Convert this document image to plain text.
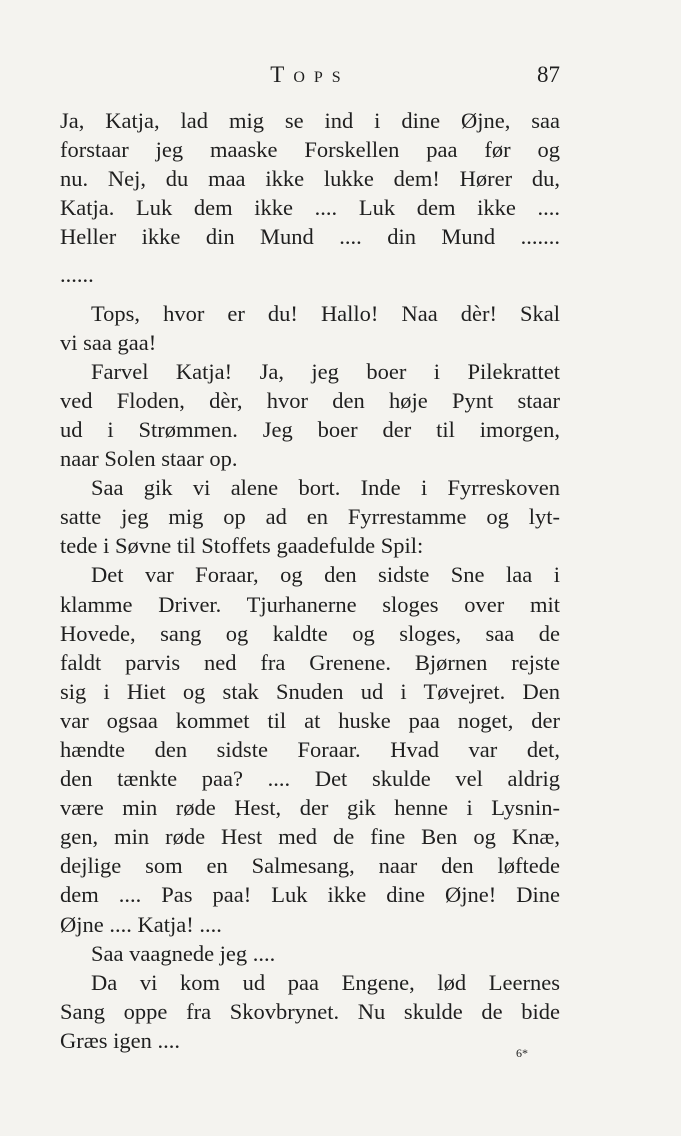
Tops	87
Ja, Katja, lad mig se ind i dine Øjne, saa
forstaar jeg maaske Forskellen paa før og
nu. Nej, du maa ikke lukke dem! Hører du,
Katja. Luk dem ikke .... Luk dem ikke ....
Heller ikke din Mund .... din Mund .......
......
Tops, hvor er du! Hallo! Naa dèr! Skal
vi saa gaa!
Farvel Katja! Ja, jeg boer i Pilekrattet
ved Floden, dèr, hvor den høje Pynt staar
ud i Strømmen. Jeg boer der til imorgen,
naar Solen staar op.
Saa gik vi alene bort. Inde i Fyrreskoven
satte jeg mig op ad en Fyrrestamme og lyt-
tede i Søvne til Stoffets gaadefulde Spil:
Det var Foraar, og den sidste Sne laa i
klamme Driver. Tjurhanerne sloges over mit
Hovede, sang og kaldte og sloges, saa de
faldt parvis ned fra Grenene. Bjørnen rejste
sig i Hiet og stak Snuden ud i Tøvejret. Den
var ogsaa kommet til at huske paa noget, der
hændte den sidste Foraar. Hvad var det,
den tænkte paa? .... Det skulde vel aldrig
være min røde Hest, der gik henne i Lysnin-
gen, min røde Hest med de fine Ben og Knæ,
dejlige som en Salmesang, naar den løftede
dem .... Pas paa! Luk ikke dine Øjne! Dine
Øjne .... Katja! ....
Saa vaagnede jeg ....
Da vi kom ud paa Engene, lød Leernes
Sang oppe fra Skovbrynet. Nu skulde de bide
Græs igen ....
6*
